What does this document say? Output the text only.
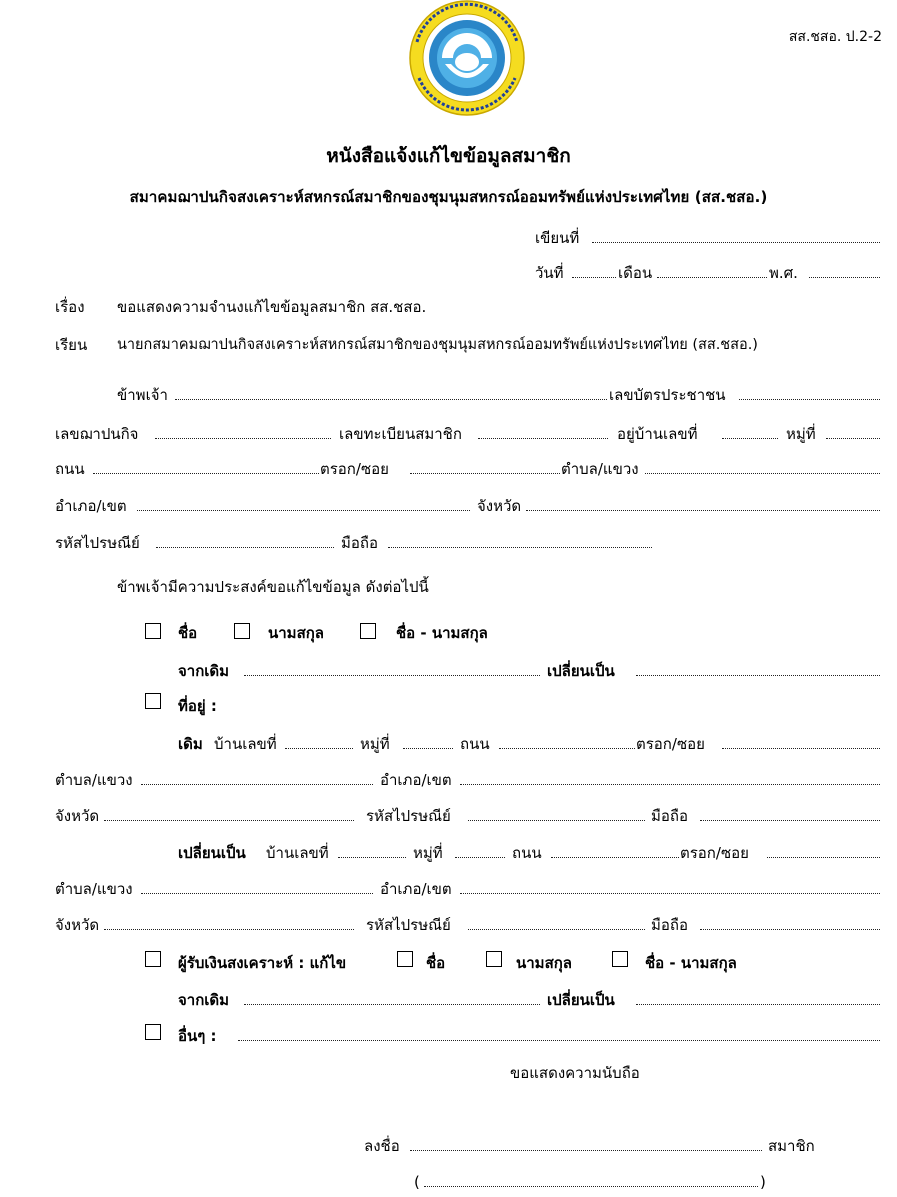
สส.ชสอ. ป.2-2
หนังสือแจ้งแก้ไขข้อมูลสมาชิก
สมาคมฌาปนกิจสงเคราะห์สหกรณ์สมาชิกของชุมนุมสหกรณ์ออมทรัพย์แห่งประเทศไทย (สส.ชสอ.)
เขียนที่
วันที่	เดือน	พ.ศ.
เรื่อง ขอแสดงความจำนงแก้ไขข้อมูลสมาชิก สส.ชสอ.
เรียน นายกสมาคมฌาปนกิจสงเคราะห์สหกรณ์สมาชิกของชุมนุมสหกรณ์ออมทรัพย์แห่งประเทศไทย (สส.ชสอ.)
ข้าพเจ้า	เลขบัตรประชาชน
เลขฌาปนกิจ	เลขทะเบียนสมาชิก	อยู่บ้านเลขที่	หมู่ที่
ถนน	ตรอก/ซอย	ตำบล/แขวง
อำเภอ/เขต	จังหวัด
รหัสไปรษณีย์	มือถือ
ข้าพเจ้ามีความประสงค์ขอแก้ไขข้อมูล ดังต่อไปนี้
ชื่อ	นามสกุล	ชื่อ - นามสกุล
จากเดิม	เปลี่ยนเป็น
ที่อยู่ :
เดิม บ้านเลขที่	หมู่ที่	ถนน	ตรอก/ซอย
ตำบล/แขวง	อำเภอ/เขต
จังหวัด	รหัสไปรษณีย์	มือถือ
เปลี่ยนเป็น บ้านเลขที่	หมู่ที่	ถนน	ตรอก/ซอย
ตำบล/แขวง	อำเภอ/เขต
จังหวัด	รหัสไปรษณีย์	มือถือ
ผู้รับเงินสงเคราะห์ : แก้ไข	ชื่อ	นามสกุล	ชื่อ - นามสกุล
จากเดิม	เปลี่ยนเป็น
อื่นๆ :
ขอแสดงความนับถือ
ลงชื่อ	สมาชิก
(	)
